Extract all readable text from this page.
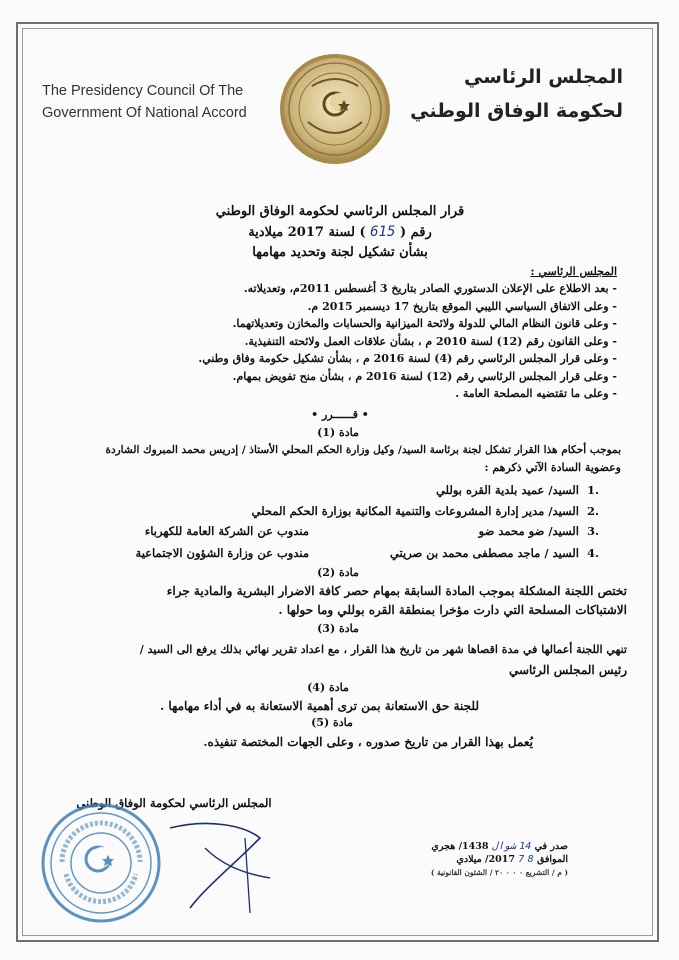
The Presidency Council Of The
Government Of National Accord
المجلس الرئاسي
لحكومة الوفاق الوطني
قرار المجلس الرئاسي لحكومة الوفاق الوطني
رقم ( 615 ) لسنة 2017 ميلادية
بشأن تشكيل لجنة وتحديد مهامها
المجلس الرئاسي :
- بعد الاطلاع على الإعلان الدستوري الصادر بتاريخ 3 أغسطس 2011م، وتعديلاته.
- وعلى الاتفاق السياسي الليبي الموقع بتاريخ 17 ديسمبر 2015 م.
- وعلى قانون النظام المالي للدولة ولائحة الميزانية والحسابات والمخازن وتعديلاتهما.
- وعلى القانون رقم (12) لسنة 2010 م ، بشأن علاقات العمل ولائحته التنفيذية.
- وعلى قرار المجلس الرئاسي رقم (4) لسنة 2016 م ، بشأن تشكيل حكومة وفاق وطني.
- وعلى قرار المجلس الرئاسي رقم (12) لسنة 2016 م ، بشأن منح تفويض بمهام.
- وعلى ما تقتضيه المصلحة العامة .
• قــــــرر •
مادة (1)
بموجب أحكام هذا القرار تشكل لجنة برئاسة السيد/ وكيل وزارة الحكم المحلي الأستاذ / إدريس محمد المبروك الشاردة
وعضوية السادة الآتي ذكرهم :
1.
السيد/ عميد بلدية القره بوللي
2.
السيد/ مدير إدارة المشروعات والتنمية المكانية بوزارة الحكم المحلي
3.
السيد/ ضو محمد ضو
مندوب عن الشركة العامة للكهرباء
4.
السيد / ماجد مصطفى محمد بن صريتي
مندوب عن وزارة الشؤون الاجتماعية
مادة (2)
تختص اللجنة المشكلة بموجب المادة السابقة بمهام حصر كافة الاضرار البشرية والمادية جراء
الاشتباكات المسلحة التي دارت مؤخرا بمنطقة القره بوللي وما حولها .
مادة (3)
تنهي اللجنة أعمالها في مدة اقصاها شهر من تاريخ هذا القرار ، مع اعداد تقرير نهائي بذلك يرفع الى السيد /
رئيس المجلس الرئاسي
مادة (4)
للجنة حق الاستعانة بمن ترى أهمية الاستعانة به في أداء مهامها .
مادة (5)
يُعمل بهذا القرار من تاريخ صدوره ، وعلى الجهات المختصة تنفيذه.
المجلس الرئاسي لحكومة الوفاق الوطني
صدر في 14 شوال 1438/ هجري
الموافق 8 7 2017/ ميلادي
( م / التشريع ٠ ٠ ٠ ٢٠ / الشئون القانونية )
